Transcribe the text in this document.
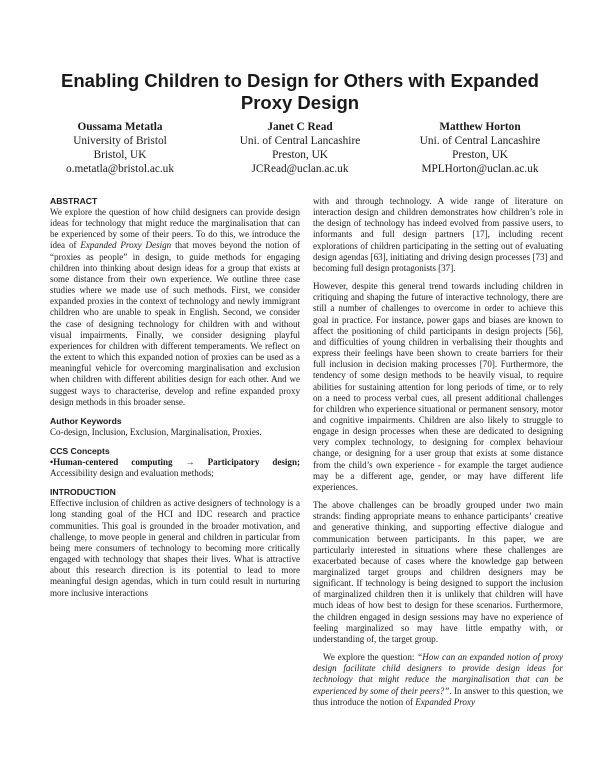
Enabling Children to Design for Others with Expanded Proxy Design
Oussama Metatla
University of Bristol
Bristol, UK
o.metatla@bristol.ac.uk
Janet C Read
Uni. of Central Lancashire
Preston, UK
JCRead@uclan.ac.uk
Matthew Horton
Uni. of Central Lancashire
Preston, UK
MPLHorton@uclan.ac.uk
ABSTRACT

We explore the question of how child designers can provide design ideas for technology that might reduce the marginalisation that can be experienced by some of their peers. To do this, we introduce the idea of Expanded Proxy Design that moves beyond the notion of “proxies as people” in design, to guide methods for engaging children into thinking about design ideas for a group that exists at some distance from their own experience. We outline three case studies where we made use of such methods. First, we consider expanded proxies in the context of technology and newly immigrant children who are unable to speak in English. Second, we consider the case of designing technology for children with and without visual impairments. Finally, we consider designing playful experiences for children with different temperaments. We reflect on the extent to which this expanded notion of proxies can be used as a meaningful vehicle for overcoming marginalisation and exclusion when children with different abilities design for each other. And we suggest ways to characterise, develop and refine expanded proxy design methods in this broader sense.

Author Keywords

Co-design, Inclusion, Exclusion, Marginalisation, Proxies.

CCS Concepts

•Human-centered computing → Participatory design; Accessibility design and evaluation methods;

INTRODUCTION

Effective inclusion of children as active designers of technology is a long standing goal of the HCI and IDC research and practice communities. This goal is grounded in the broader motivation, and challenge, to move people in general and children in particular from being mere consumers of technology to becoming more critically engaged with technology that shapes their lives. What is attractive about this research direction is its potential to lead to more meaningful design agendas, which in turn could result in nurturing more inclusive interactions

with and through technology. A wide range of literature on interaction design and children demonstrates how children’s role in the design of technology has indeed evolved from passive users, to informants and full design partners [17], including recent explorations of children participating in the setting out of evaluating design agendas [63], initiating and driving design processes [73] and becoming full design protagonists [37].

However, despite this general trend towards including children in critiquing and shaping the future of interactive technology, there are still a number of challenges to overcome in order to achieve this goal in practice. For instance, power gaps and biases are known to affect the positioning of child participants in design projects [56], and difficulties of young children in verbalising their thoughts and express their feelings have been shown to create barriers for their full inclusion in decision making processes [70]. Furthermore, the tendency of some design methods to be heavily visual, to require abilities for sustaining attention for long periods of time, or to rely on a need to process verbal cues, all present additional challenges for children who experience situational or permanent sensory, motor and cognitive impairments. Children are also likely to struggle to engage in design processes when these are dedicated to designing very complex technology, to designing for complex behaviour change, or designing for a user group that exists at some distance from the child’s own experience - for example the target audience may be a different age, gender, or may have different life experiences.

The above challenges can be broadly grouped under two main strands: finding appropriate means to enhance participants’ creative and generative thinking, and supporting effective dialogue and communication between participants. In this paper, we are particularly interested in situations where these challenges are exacerbated because of cases where the knowledge gap between marginalized target groups and children designers may be significant. If technology is being designed to support the inclusion of marginalized children then it is unlikely that children will have much ideas of how best to design for these scenarios. Furthermore, the children engaged in design sessions may have no experience of feeling marginalized so may have little empathy with, or understanding of, the target group.

We explore the question: “How can an expanded notion of proxy design facilitate child designers to provide design ideas for technology that might reduce the marginalisation that can be experienced by some of their peers?”. In answer to this question, we thus introduce the notion of Expanded Proxy
